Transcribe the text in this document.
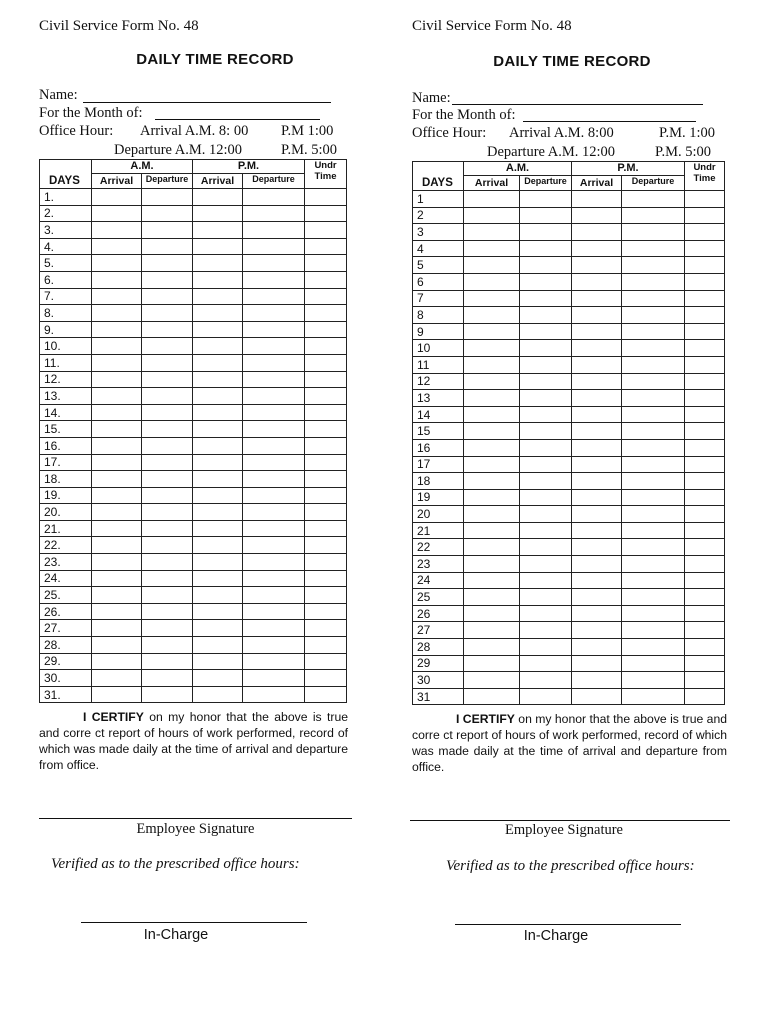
Civil Service Form No. 48
DAILY TIME RECORD
Name:
For the Month of:
Office Hour: Arrival A.M. 8: 00 P.M 1:00
Departure A.M. 12:00	P.M. 5:00
DAYS	A.M.		P.M.		Undr
Time
	Arrival	Departure	Arrival	Departure	
1.					
2.					
3.					
4.					
5.					
6.					
7.					
8.					
9.					
10.					
11.					
12.					
13.					
14.					
15.					
16.					
17.					
18.					
19.					
20.					
21.					
22.					
23.					
24.					
25.					
26.					
27.					
28.					
29.					
30.					
31.					
I CERTIFY on my honor that the above is true and corre ct report of hours of work performed, record of which was made daily at the time of arrival and departure from office.
Employee Signature
Verified as to the prescribed office hours:
In-Charge
Civil Service Form No. 48
DAILY TIME RECORD
Name:
For the Month of:
Office Hour: Arrival A.M. 8:00	P.M. 1:00
Departure A.M. 12:00	P.M. 5:00
DAYS	A.M.		P.M.		Undr
Time
	Arrival	Departure	Arrival	Departure	
1					
2					
3					
4					
5					
6					
7					
8					
9					
10					
11					
12					
13					
14					
15					
16					
17					
18					
19					
20					
21					
22					
23					
24					
25					
26					
27					
28					
29					
30					
31					
I CERTIFY on my honor that the above is true and corre ct report of hours of work performed, record of which was made daily at the time of arrival and departure from office.
Employee Signature
Verified as to the prescribed office hours:
In-Charge
